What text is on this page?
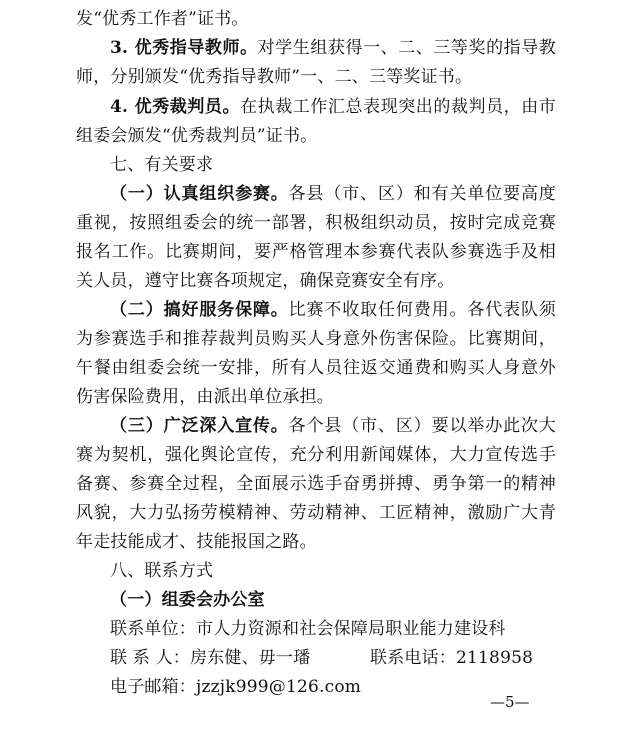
发“优秀工作者”证书。
3. 优秀指导教师。对学生组获得一、二、三等奖的指导教
师，分别颁发“优秀指导教师”一、二、三等奖证书。
4. 优秀裁判员。在执裁工作汇总表现突出的裁判员，由市
组委会颁发“优秀裁判员”证书。
七、有关要求
（一）认真组织参赛。各县（市、区）和有关单位要高度
重视，按照组委会的统一部署，积极组织动员，按时完成竞赛
报名工作。比赛期间，要严格管理本参赛代表队参赛选手及相
关人员，遵守比赛各项规定，确保竞赛安全有序。
（二）搞好服务保障。比赛不收取任何费用。各代表队须
为参赛选手和推荐裁判员购买人身意外伤害保险。比赛期间，
午餐由组委会统一安排，所有人员往返交通费和购买人身意外
伤害保险费用，由派出单位承担。
（三）广泛深入宣传。各个县（市、区）要以举办此次大
赛为契机，强化舆论宣传，充分利用新闻媒体，大力宣传选手
备赛、参赛全过程，全面展示选手奋勇拼搏、勇争第一的精神
风貌，大力弘扬劳模精神、劳动精神、工匠精神，激励广大青
年走技能成才、技能报国之路。
八、联系方式
（一）组委会办公室
联系单位：市人力资源和社会保障局职业能力建设科
联 系 人：房东健、毋一璠	联系电话：2118958
电子邮箱：jzzjk999@126.com
—5—
